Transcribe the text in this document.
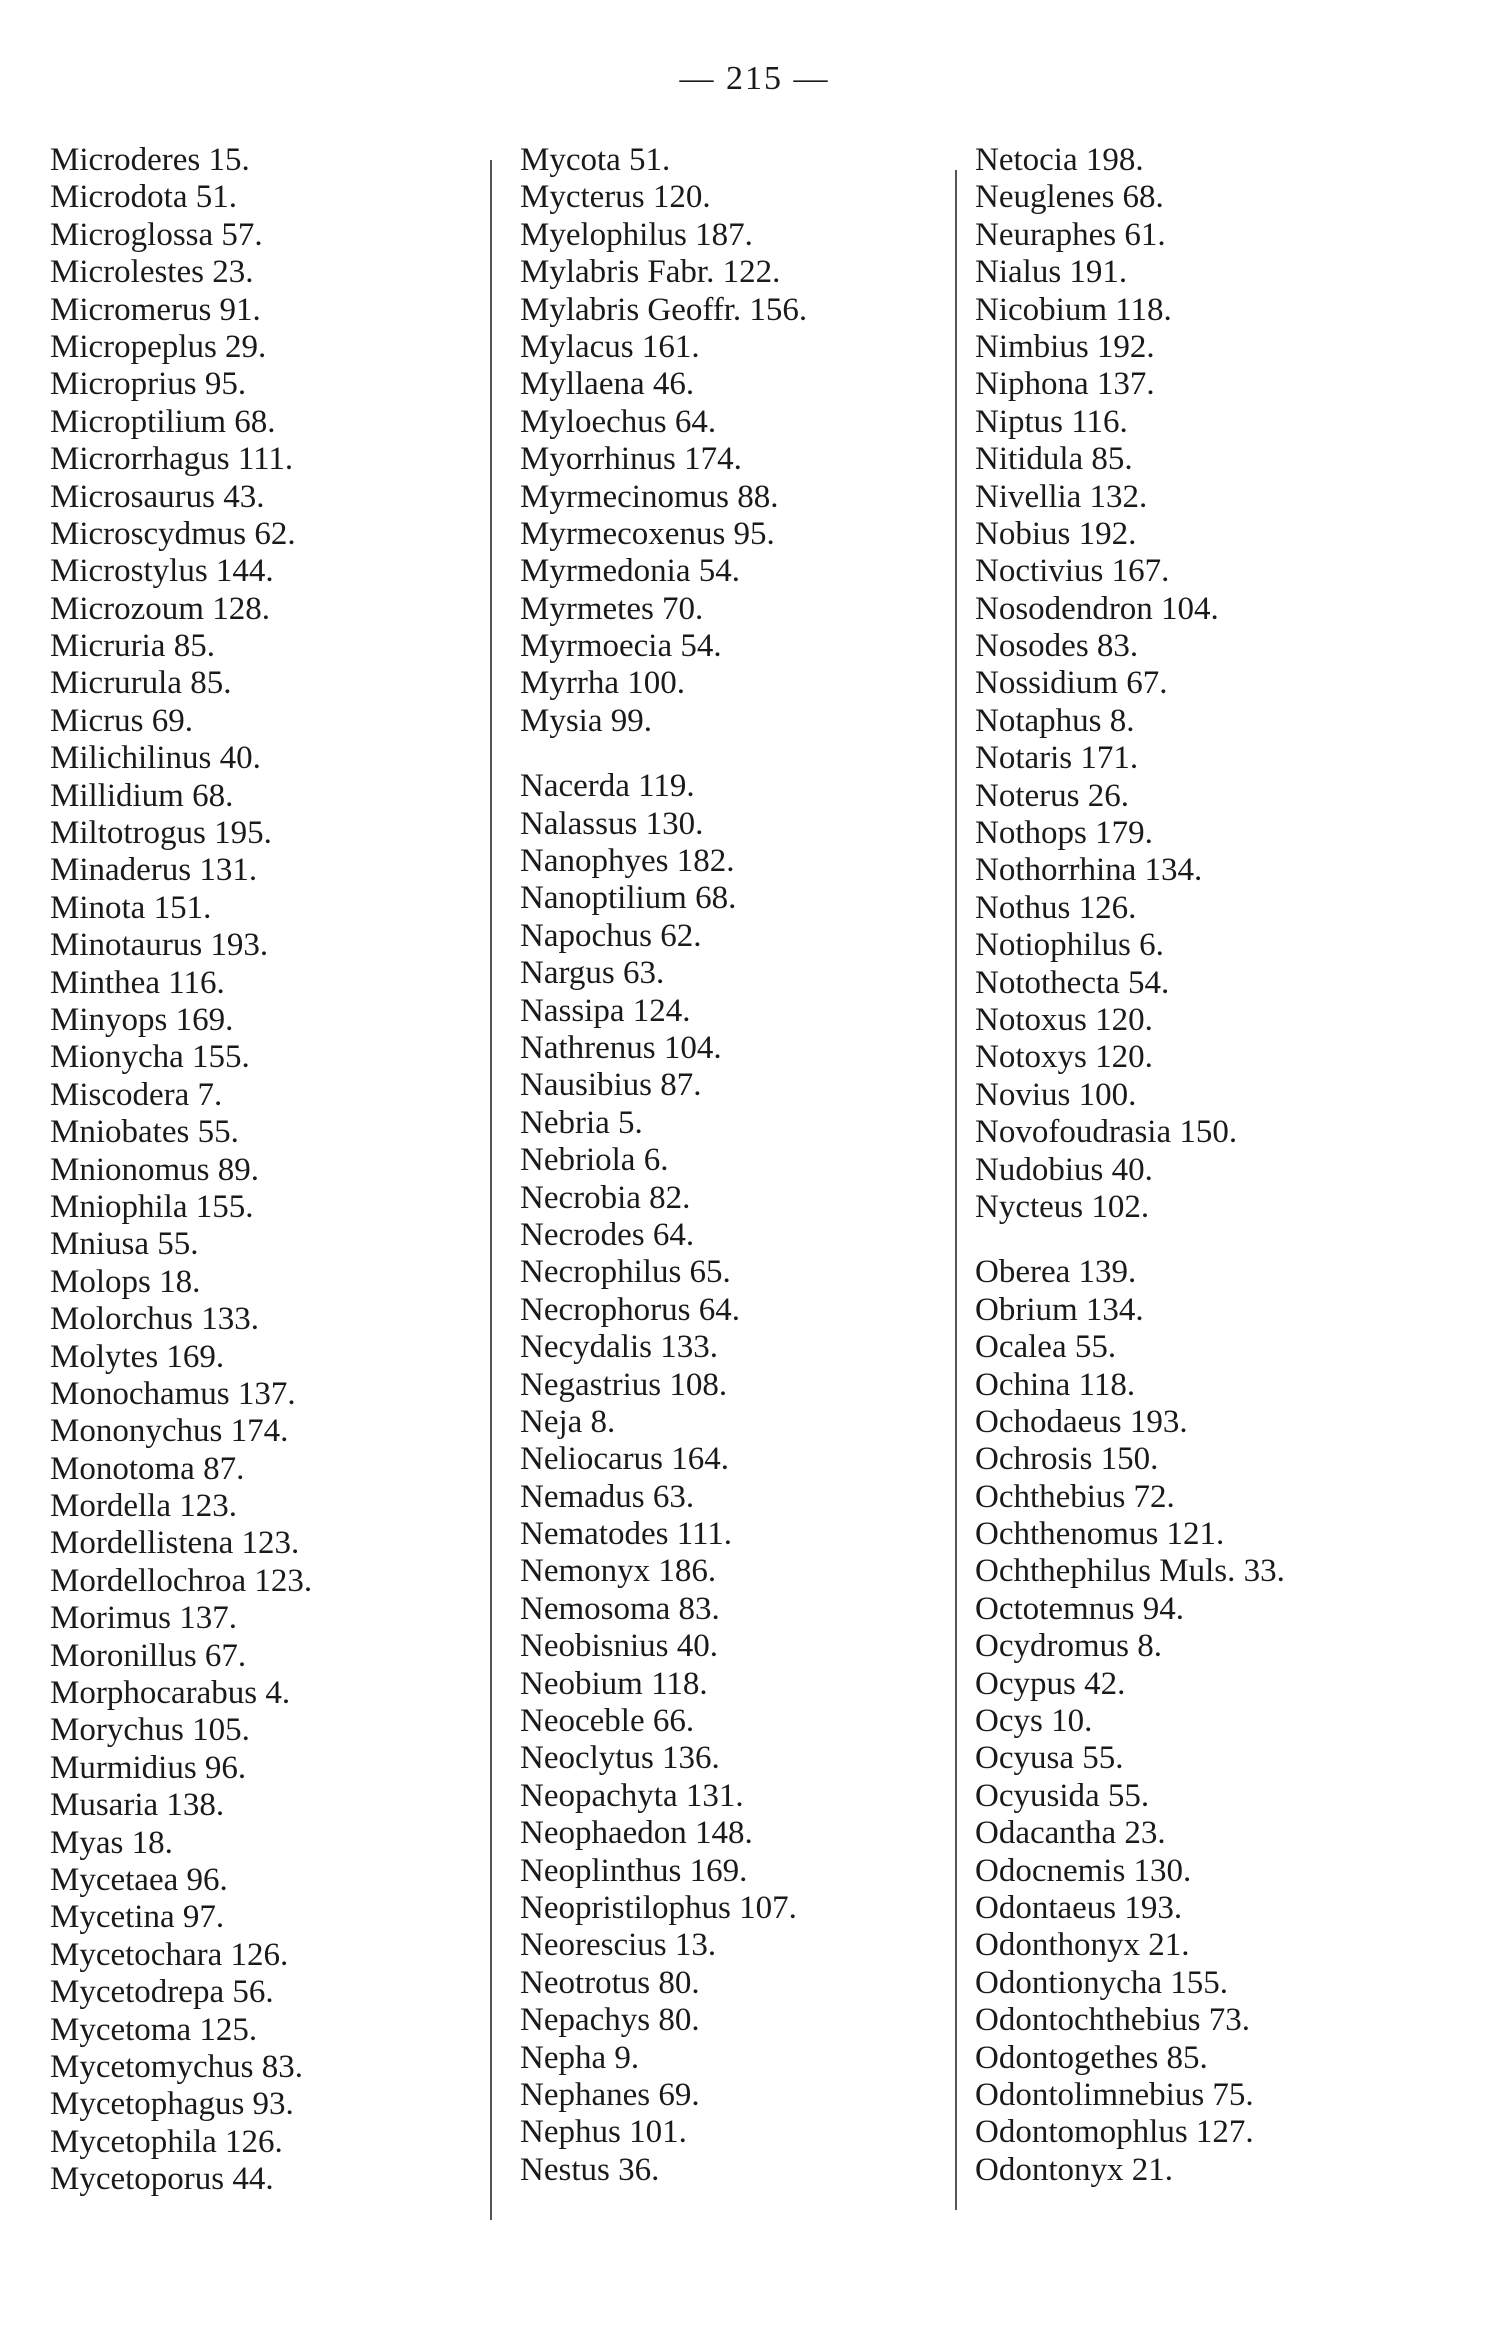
— 215 —
Microderes 15.
Microdota 51.
Microglossa 57.
Microlestes 23.
Micromerus 91.
Micropeplus 29.
Microprius 95.
Microptilium 68.
Microrrhagus 111.
Microsaurus 43.
Microscydmus 62.
Microstylus 144.
Microzoum 128.
Micruria 85.
Micrurula 85.
Micrus 69.
Milichilinus 40.
Millidium 68.
Miltotrogus 195.
Minaderus 131.
Minota 151.
Minotaurus 193.
Minthea 116.
Minyops 169.
Mionycha 155.
Miscodera 7.
Mniobates 55.
Mnionomus 89.
Mniophila 155.
Mniusa 55.
Molops 18.
Molorchus 133.
Molytes 169.
Monochamus 137.
Mononychus 174.
Monotoma 87.
Mordella 123.
Mordellistena 123.
Mordellochroa 123.
Morimus 137.
Moronillus 67.
Morphocarabus 4.
Morychus 105.
Murmidius 96.
Musaria 138.
Myas 18.
Mycetaea 96.
Mycetina 97.
Mycetochara 126.
Mycetodrepa 56.
Mycetoma 125.
Mycetomychus 83.
Mycetophagus 93.
Mycetophila 126.
Mycetoporus 44.
Mycota 51.
Mycterus 120.
Myelophilus 187.
Mylabris Fabr. 122.
Mylabris Geoffr. 156.
Mylacus 161.
Myllaena 46.
Myloechus 64.
Myorrhinus 174.
Myrmecinomus 88.
Myrmecoxenus 95.
Myrmedonia 54.
Myrmetes 70.
Myrmoecia 54.
Myrrha 100.
Mysia 99.
Nacerda 119.
Nalassus 130.
Nanophyes 182.
Nanoptilium 68.
Napochus 62.
Nargus 63.
Nassipa 124.
Nathrenus 104.
Nausibius 87.
Nebria 5.
Nebriola 6.
Necrobia 82.
Necrodes 64.
Necrophilus 65.
Necrophorus 64.
Necydalis 133.
Negastrius 108.
Neja 8.
Neliocarus 164.
Nemadus 63.
Nematodes 111.
Nemonyx 186.
Nemosoma 83.
Neobisnius 40.
Neobium 118.
Neoceble 66.
Neoclytus 136.
Neopachyta 131.
Neophaedon 148.
Neoplinthus 169.
Neopristilophus 107.
Neorescius 13.
Neotrotus 80.
Nepachys 80.
Nepha 9.
Nephanes 69.
Nephus 101.
Nestus 36.
Netocia 198.
Neuglenes 68.
Neuraphes 61.
Nialus 191.
Nicobium 118.
Nimbius 192.
Niphona 137.
Niptus 116.
Nitidula 85.
Nivellia 132.
Nobius 192.
Noctivius 167.
Nosodendron 104.
Nosodes 83.
Nossidium 67.
Notaphus 8.
Notaris 171.
Noterus 26.
Nothops 179.
Nothorrhina 134.
Nothus 126.
Notiophilus 6.
Notothecta 54.
Notoxus 120.
Notoxys 120.
Novius 100.
Novofoudrasia 150.
Nudobius 40.
Nycteus 102.
Oberea 139.
Obrium 134.
Ocalea 55.
Ochina 118.
Ochodaeus 193.
Ochrosis 150.
Ochthebius 72.
Ochthenomus 121.
Ochthephilus Muls. 33.
Octotemnus 94.
Ocydromus 8.
Ocypus 42.
Ocys 10.
Ocyusa 55.
Ocyusida 55.
Odacantha 23.
Odocnemis 130.
Odontaeus 193.
Odonthonyx 21.
Odontionycha 155.
Odontochthebius 73.
Odontogethes 85.
Odontolimnebius 75.
Odontomophlus 127.
Odontonyx 21.
